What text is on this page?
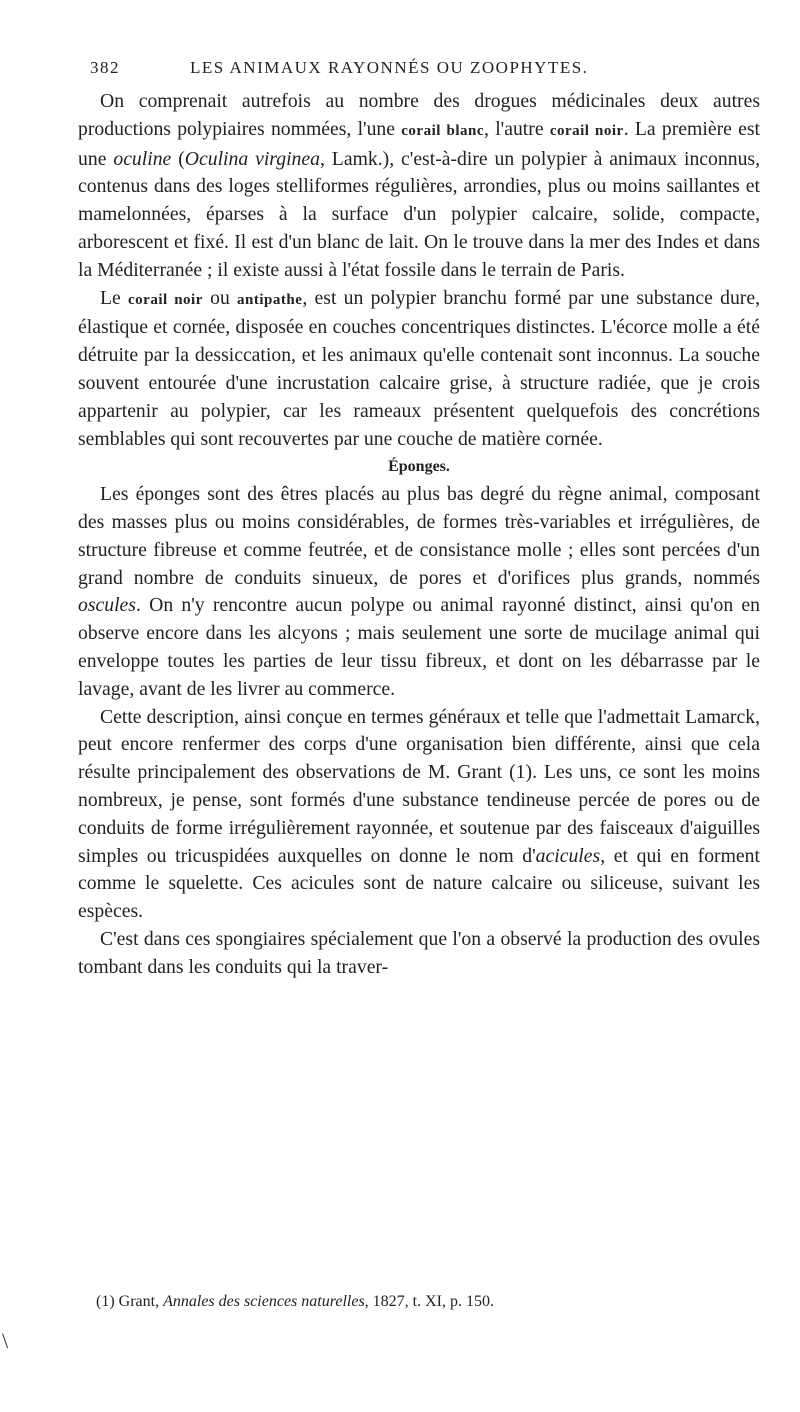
382	LES ANIMAUX RAYONNÉS OU ZOOPHYTES.

On comprenait autrefois au nombre des drogues médicinales deux autres productions polypiaires nommées, l'une corail blanc, l'autre corail noir. La première est une oculine (Oculina virginea, Lamk.), c'est-à-dire un polypier à animaux inconnus, contenus dans des loges stelliformes régulières, arrondies, plus ou moins saillantes et mamelonnées, éparses à la surface d'un polypier calcaire, solide, compacte, arborescent et fixé. Il est d'un blanc de lait. On le trouve dans la mer des Indes et dans la Méditerranée ; il existe aussi à l'état fossile dans le terrain de Paris.

Le corail noir ou antipathe, est un polypier branchu formé par une substance dure, élastique et cornée, disposée en couches concentriques distinctes. L'écorce molle a été détruite par la dessiccation, et les animaux qu'elle contenait sont inconnus. La souche souvent entourée d'une incrustation calcaire grise, à structure radiée, que je crois appartenir au polypier, car les rameaux présentent quelquefois des concrétions semblables qui sont recouvertes par une couche de matière cornée.

Éponges.

Les éponges sont des êtres placés au plus bas degré du règne animal, composant des masses plus ou moins considérables, de formes très-variables et irrégulières, de structure fibreuse et comme feutrée, et de consistance molle ; elles sont percées d'un grand nombre de conduits sinueux, de pores et d'orifices plus grands, nommés oscules. On n'y rencontre aucun polype ou animal rayonné distinct, ainsi qu'on en observe encore dans les alcyons ; mais seulement une sorte de mucilage animal qui enveloppe toutes les parties de leur tissu fibreux, et dont on les débarrasse par le lavage, avant de les livrer au commerce.

Cette description, ainsi conçue en termes généraux et telle que l'admettait Lamarck, peut encore renfermer des corps d'une organisation bien différente, ainsi que cela résulte principalement des observations de M. Grant (1). Les uns, ce sont les moins nombreux, je pense, sont formés d'une substance tendineuse percée de pores ou de conduits de forme irrégulièrement rayonnée, et soutenue par des faisceaux d'aiguilles simples ou tricuspidées auxquelles on donne le nom d'acicules, et qui en forment comme le squelette. Ces acicules sont de nature calcaire ou siliceuse, suivant les espèces.

C'est dans ces spongiaires spécialement que l'on a observé la production des ovules tombant dans les conduits qui la traver-

(1) Grant, Annales des sciences naturelles, 1827, t. XI, p. 150.
\
